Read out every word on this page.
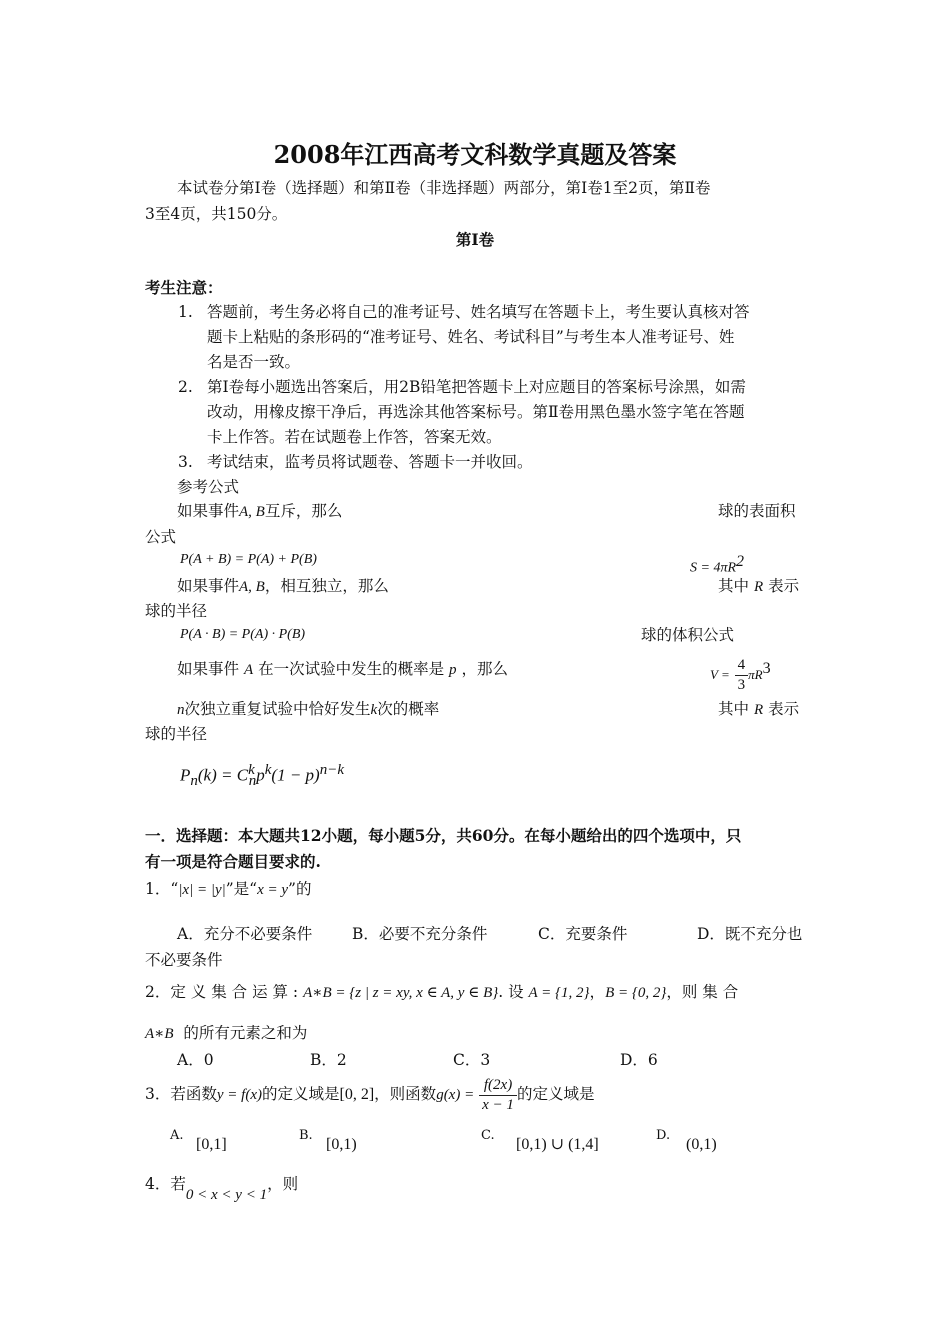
2008年江西高考文科数学真题及答案
本试卷分第Ⅰ卷（选择题）和第Ⅱ卷（非选择题）两部分，第Ⅰ卷1至2页，第Ⅱ卷
3至4页，共150分。
第Ⅰ卷
考生注意：
1. 答题前，考生务必将自己的准考证号、姓名填写在答题卡上，考生要认真核对答
题卡上粘贴的条形码的“准考证号、姓名、考试科目”与考生本人准考证号、姓
名是否一致。
2. 第Ⅰ卷每小题选出答案后，用2B铅笔把答题卡上对应题目的答案标号涂黑，如需
改动，用橡皮擦干净后，再选涂其他答案标号。第Ⅱ卷用黑色墨水签字笔在答题
卡上作答。若在试题卷上作答，答案无效。
3. 考试结束，监考员将试题卷、答题卡一并收回。
参考公式
如果事件A, B互斥，那么	球的表面积
公式
P(A + B) = P(A) + P(B)
$S = 4\pi R^2$
如果事件A, B，相互独立，那么	其中 R 表示
球的半径
P(A · B) = P(A) · P(B)	球的体积公式
如果事件 A 在一次试验中发生的概率是 p ，那么	$V = \frac{4}{3} \pi R^3$
n次独立重复试验中恰好发生k次的概率	其中 R 表示
球的半径
$P_n(k) = C^k_np^k(1 - p)^{n-k}$
一．选择题：本大题共12小题，每小题5分，共60分。在每小题给出的四个选项中，只
有一项是符合题目要求的.
1．“|x| = |y|”是“x = y”的
A．充分不必要条件	B．必要不充分条件	C．充要条件	D．既不充分也
不必要条件
2．定 义 集 合 运 算 : A∗B = {z | z = xy, x ∈ A, y ∈ B}. 设 A = {1, 2}，B = {0, 2}，则 集 合
A∗B 的所有元素之和为
A．0	B．2	C．3	D．6
3．若函数y = f(x)的定义域是[0, 2]，则函数$g(x) = \frac{f(2x)}{x - 1}$ 的定义域是
A.
[0,1]
B.
[0,1)
C.
[0,1) ∪ (1,4]
D.
(0,1)
4．若0 < x < y < 1，则
